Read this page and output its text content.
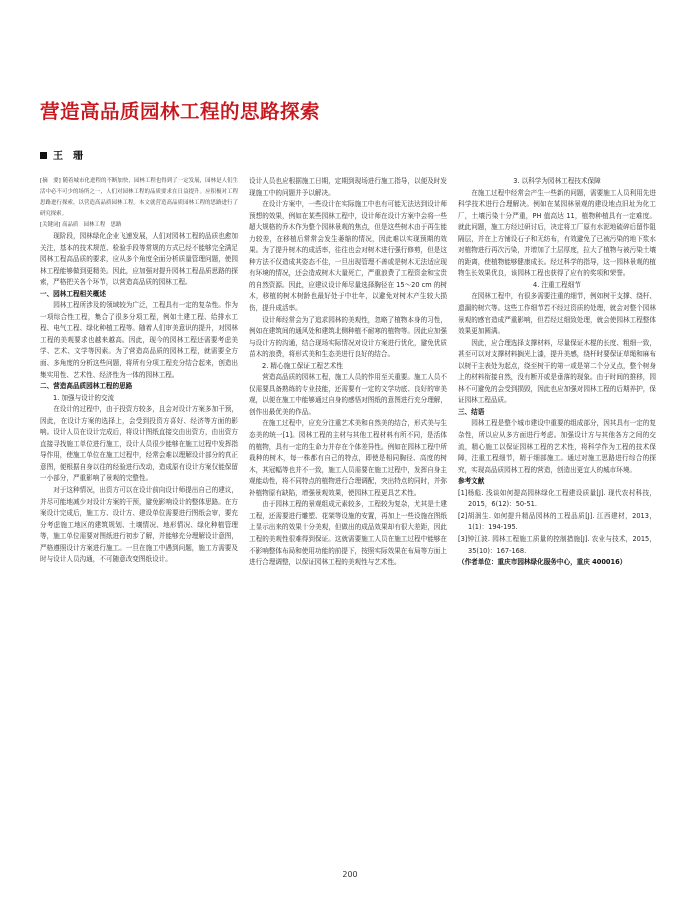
营造高品质园林工程的思路探索
王　珊

[摘　要] 随着城市化进程的不断加快，园林工程也得到了一定发展，园林是人们生活中必不可少的场所之一，人们对园林工程的品质要求在日益提升。应积极对工程思路进行探索，以营造高品质园林工程。本文就营造高品质园林工程的思路进行了研究探索。

[关键词] 高品质　园林工程　思路

现阶段，园林绿化企业飞速发展，人们对园林工程的品质也愈加关注，基本的技术规范、检验手段等常规的方式已经不能够完全满足园林工程高品质的要求，应从多个角度全面分析质量管理问题，使园林工程能够做到更精美。因此，应加强对提升园林工程品质思路的探索，严格把关各个环节，以营造高品质的园林工程。

一、园林工程相关概述

园林工程所涉及的领域较为广泛，工程具有一定的复杂性。作为一项综合性工程，集合了很多分项工程，例如土建工程、给排水工程、电气工程、绿化种植工程等。随着人们审美意识的提升，对园林工程的美观要求也越来越高。因此，现今的园林工程还需要考虑美学、艺术、文学等因素。为了营造高品质的园林工程，就需要全方面、多角度的分析这些问题，将所有分项工程充分结合起来，创造出集实用性、艺术性、经济性为一体的园林工程。

二、营造高品质园林工程的思路

1. 加强与设计的交流

在设计的过程中，由于投资方较多，且会对设计方案多加干预，因此，在设计方案的选择上，会受到投资方喜好、经济等方面的影响。设计人员在设计完成后，将设计图纸直接交由出资方，由出资方直接寻找施工单位进行施工，设计人员很少能够在施工过程中发挥指导作用，使施工单位在施工过程中，经常会难以理解设计部分的真正意图，便根据自身以往的经验进行改动，造成原有设计方案仅能保留一小部分，严重影响了景观的完整性。

对于这种情况，出资方可以在设计前向设计师提出自己的建议，并尽可能地减少对设计方案的干预，避免影响设计的整体思路。在方案设计完成后，施工方、设计方、建设单位需要进行图纸会审，要充分考虑施工地区的建筑规划、土壤情况、地形情况、绿化种植管理等，施工单位需要对图纸进行初步了解，并能够充分理解设计意图，严格遵照设计方案进行施工。一旦在施工中遇到问题，施工方需要及时与设计人员沟通，不可随意改变图纸设计。

设计人员也应根据施工日期，定期到现场进行施工指导，以便及时发现施工中的问题并予以解决。

在设计方案中，一些设计在实际施工中也有可能无法达到设计师预想的效果，例如在某些园林工程中，设计师在设计方案中会将一些超大规格的乔木作为整个园林景观的焦点，但是这些树木由于再生能力较差，在移植后常常会发生萎缩的情况，因此难以实现预期的效果。为了提升树木的成活率，往往也会对树木进行强行修剪，但是这种方法不仅造成其姿态不佳，一旦出现管理不善或是树木无法适应现有环境的情况，还会造成树木大量死亡，严重浪费了工程资金和宝贵的自然资源。因此，应建议设计师尽量选择胸径在 15～20 cm 的树木，移植的树木树龄也最好处于中壮年，以避免对树木产生较大损伤，提升成活率。

设计师经常会为了追求园林的美观性，忽略了植物本身的习性，例如在建筑间的通风处和建筑北侧种植不耐寒的植物等。因此应加强与设计方的沟通，结合现场实际情况对设计方案进行优化，避免优质苗木的浪费，将形式美和生态美进行良好的结合。

2. 精心施工保证工程艺术性

营造高品质的园林工程，施工人员的作用至关重要。施工人员不仅需要具备熟练的专业技能，还需要有一定的文学功底、良好的审美观，以便在施工中能够通过自身的感悟对图纸的意图进行充分理解，创作出最优美的作品。

在施工过程中，应充分注重艺术美和自然美的结合，形式美与生态美的统一[1]。园林工程的主材与其他工程材料有所不同，是活体的植物，具有一定的生命力并存在个体差异性。例如在园林工程中所栽种的树木，每一株都有自己的特点，即使是相同胸径、高度的树木，其冠幅等也并不一致，施工人员需要在施工过程中，发挥自身主观能动性，将不同特点的植物进行合理调配，突出特点的同时，并弥补植物原有缺陷，增强景观效果，使园林工程更具艺术性。

由于园林工程的景观组成元素较多，工程较为复杂，尤其是土建工程，还需要进行雕塑、花架等设施的安置，再加上一些设施在图纸上显示出来的效果十分美观，但做出的成品效果却有很大差距，因此工程的美观性很难得到保证。这就需要施工人员在施工过程中能够在不影响整体布局和使用功能的前提下，按照实际效果在布局等方面上进行合理调整，以保证园林工程的美观性与艺术性。

3. 以科学为园林工程技术保障

在施工过程中经常会产生一些新的问题，需要施工人员利用先进科学技术进行合理解决。例如在某园林景观的建设地点旧址为化工厂，土壤污染十分严重，PH 值高达 11，植物种植具有一定难度。就此问题，施工方经过研讨后，决定将工厂原有水泥地硫碎后留作阻隔层，并在上方铺设石子和无纺布，有效避免了已被污染的地下浆水对植物进行再次污染，并增加了土层厚度，拉大了植物与被污染土壤的距离，使植物能够健康成长。经过科学的指导，这一园林景观的植物生长效果优良，该园林工程也获得了应有的奖项和荣誉。

4. 注重工程细节

在园林工程中，有很多需要注重的细节，例如树干支撑、绕杆、遗漏的树穴等。这些工作细节若不经过资质的处理，就会对整个园林景观的感官造成严重影响，但若经过细致处理，就会使园林工程整体效果更加圆满。

因此，应合理选择支撑材料，尽量保证木棍的长度、粗细一致，甚至可以对支撑材料搁光上漆，提升美感，绕杆时要保证草绳和麻布以树干主表处为起点，绕至树干的第一或是第二个分叉点，整个树身上的材料衔接自然，没有断开或是垂落的现象。由于时间的推移，园林不可避免的会受到损毁，因此也应加强对园林工程的后期养护，保证园林工程品质。

三、结语

园林工程是整个城市建设中重要的组成部分，因其具有一定的复杂性，所以应从多方面进行考虑。加强设计方与其他各方之间的交流，精心施工以保证园林工程的艺术性，将科学作为工程的技术保障，注重工程细节，精于细部施工。通过对施工思路进行综合的探究，实现高品质园林工程的营造，创造出更宜人的城市环境。

参考文献

[1]杨彪. 浅谈如何提高园林绿化工程建设质量[J]. 现代农村科技，2015，6(12)：50-51.

[2]胡润生. 如何提升精品园林的工程品质[J]. 江西建材，2013，1(1)：194-195.

[3]钟江波. 园林工程施工质量的控制措施[J]. 农业与技术，2015，35(10)：167-168.

（作者单位：重庆市园林绿化服务中心，重庆 400016）

200
